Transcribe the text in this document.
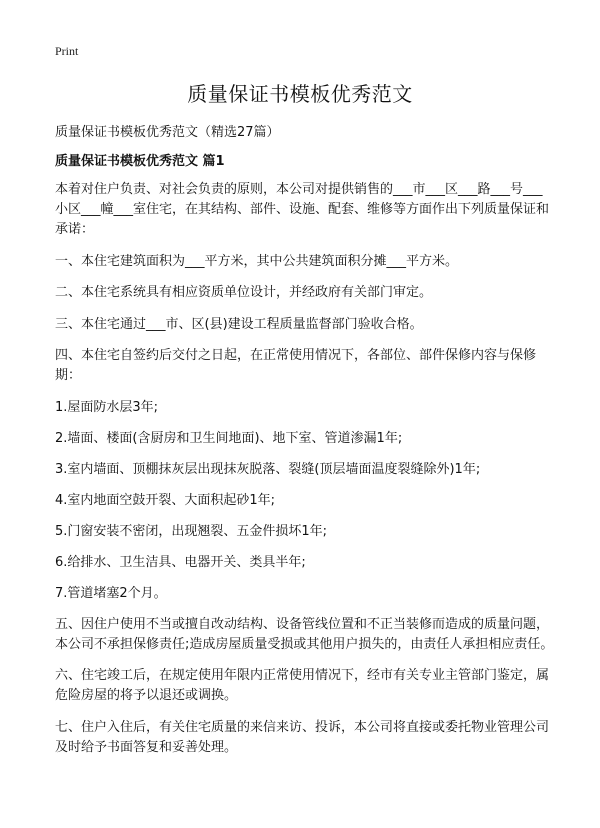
Print
质量保证书模板优秀范文
质量保证书模板优秀范文（精选27篇）
质量保证书模板优秀范文 篇1

本着对住户负责、对社会负责的原则，本公司对提供销售的___市___区___路___号___小区___幢___室住宅，在其结构、部件、设施、配套、维修等方面作出下列质量保证和承诺：

一、本住宅建筑面积为___平方米，其中公共建筑面积分摊___平方米。

二、本住宅系统具有相应资质单位设计，并经政府有关部门审定。

三、本住宅通过___市、区(县)建设工程质量监督部门验收合格。

四、本住宅自签约后交付之日起，在正常使用情况下，各部位、部件保修内容与保修期：

1.屋面防水层3年;

2.墙面、楼面(含厨房和卫生间地面)、地下室、管道渗漏1年;

3.室内墙面、顶棚抹灰层出现抹灰脱落、裂缝(顶层墙面温度裂缝除外)1年;

4.室内地面空鼓开裂、大面积起砂1年;

5.门窗安装不密闭，出现翘裂、五金件损坏1年;

6.给排水、卫生洁具、电器开关、类具半年;

7.管道堵塞2个月。

五、因住户使用不当或擅自改动结构、设备管线位置和不正当装修而造成的质量问题，本公司不承担保修责任;造成房屋质量受损或其他用户损失的，由责任人承担相应责任。

六、住宅竣工后，在规定使用年限内正常使用情况下，经市有关专业主管部门鉴定，属危险房屋的将予以退还或调换。

七、住户入住后，有关住宅质量的来信来访、投诉，本公司将直接或委托物业管理公司及时给予书面答复和妥善处理。
